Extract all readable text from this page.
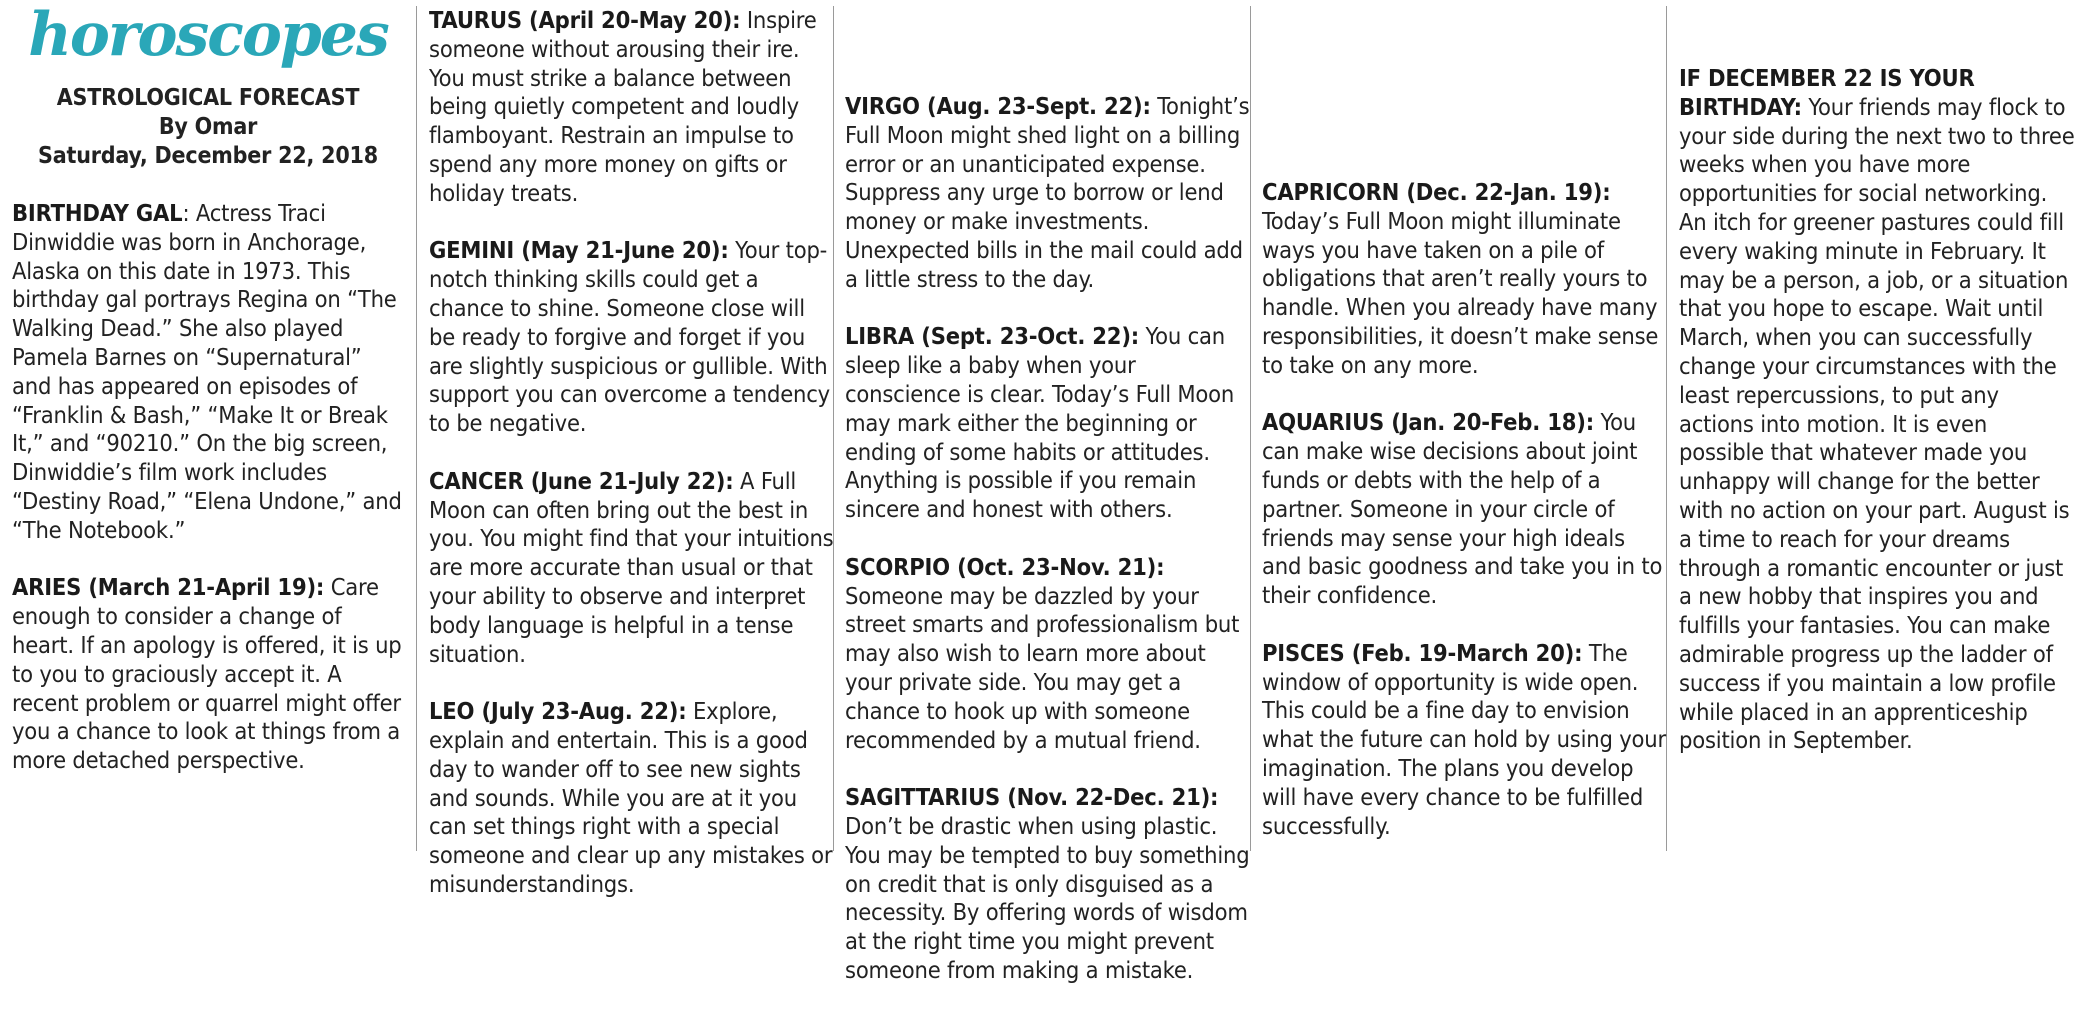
horoscopes
ASTROLOGICAL FORECAST
By Omar
Saturday, December 22, 2018

BIRTHDAY GAL: Actress Traci Dinwiddie was born in Anchorage, Alaska on this date in 1973. This birthday gal portrays Regina on “The Walking Dead.” She also played Pamela Barnes on “Supernatural” and has appeared on episodes of “Franklin & Bash,” “Make It or Break It,” and “90210.” On the big screen, Dinwiddie’s film work includes “Destiny Road,” “Elena Undone,” and “The Notebook.”

ARIES (March 21-April 19): Care enough to consider a change of heart. If an apology is offered, it is up to you to graciously accept it. A recent problem or quarrel might offer you a chance to look at things from a more detached perspective.

TAURUS (April 20-May 20): Inspire someone without arousing their ire. You must strike a balance between being quietly competent and loudly flamboyant. Restrain an impulse to spend any more money on gifts or holiday treats.

GEMINI (May 21-June 20): Your top-notch thinking skills could get a chance to shine. Someone close will be ready to forgive and forget if you are slightly suspicious or gullible. With support you can overcome a tendency to be negative.

CANCER (June 21-July 22): A Full Moon can often bring out the best in you. You might find that your intuitions are more accurate than usual or that your ability to observe and interpret body language is helpful in a tense situation.

LEO (July 23-Aug. 22): Explore, explain and entertain. This is a good day to wander off to see new sights and sounds. While you are at it you can set things right with a special someone and clear up any mistakes or misunderstandings.

VIRGO (Aug. 23-Sept. 22): Tonight’s Full Moon might shed light on a billing error or an unanticipated expense. Suppress any urge to borrow or lend money or make investments. Unexpected bills in the mail could add a little stress to the day.

LIBRA (Sept. 23-Oct. 22): You can sleep like a baby when your conscience is clear. Today’s Full Moon may mark either the beginning or ending of some habits or attitudes. Anything is possible if you remain sincere and honest with others.

SCORPIO (Oct. 23-Nov. 21): Someone may be dazzled by your street smarts and professionalism but may also wish to learn more about your private side. You may get a chance to hook up with someone recommended by a mutual friend.

SAGITTARIUS (Nov. 22-Dec. 21): Don’t be drastic when using plastic. You may be tempted to buy something on credit that is only disguised as a necessity. By offering words of wisdom at the right time you might prevent someone from making a mistake.

CAPRICORN (Dec. 22-Jan. 19): Today’s Full Moon might illuminate ways you have taken on a pile of obligations that aren’t really yours to handle. When you already have many responsibilities, it doesn’t make sense to take on any more.

AQUARIUS (Jan. 20-Feb. 18): You can make wise decisions about joint funds or debts with the help of a partner. Someone in your circle of friends may sense your high ideals and basic goodness and take you in to their confidence.

PISCES (Feb. 19-March 20): The window of opportunity is wide open. This could be a fine day to envision what the future can hold by using your imagination. The plans you develop will have every chance to be fulfilled successfully.

IF DECEMBER 22 IS YOUR BIRTHDAY: Your friends may flock to your side during the next two to three weeks when you have more opportunities for social networking. An itch for greener pastures could fill every waking minute in February. It may be a person, a job, or a situation that you hope to escape. Wait until March, when you can successfully change your circumstances with the least repercussions, to put any actions into motion. It is even possible that whatever made you unhappy will change for the better with no action on your part. August is a time to reach for your dreams through a romantic encounter or just a new hobby that inspires you and fulfills your fantasies. You can make admirable progress up the ladder of success if you maintain a low profile while placed in an apprenticeship position in September.
